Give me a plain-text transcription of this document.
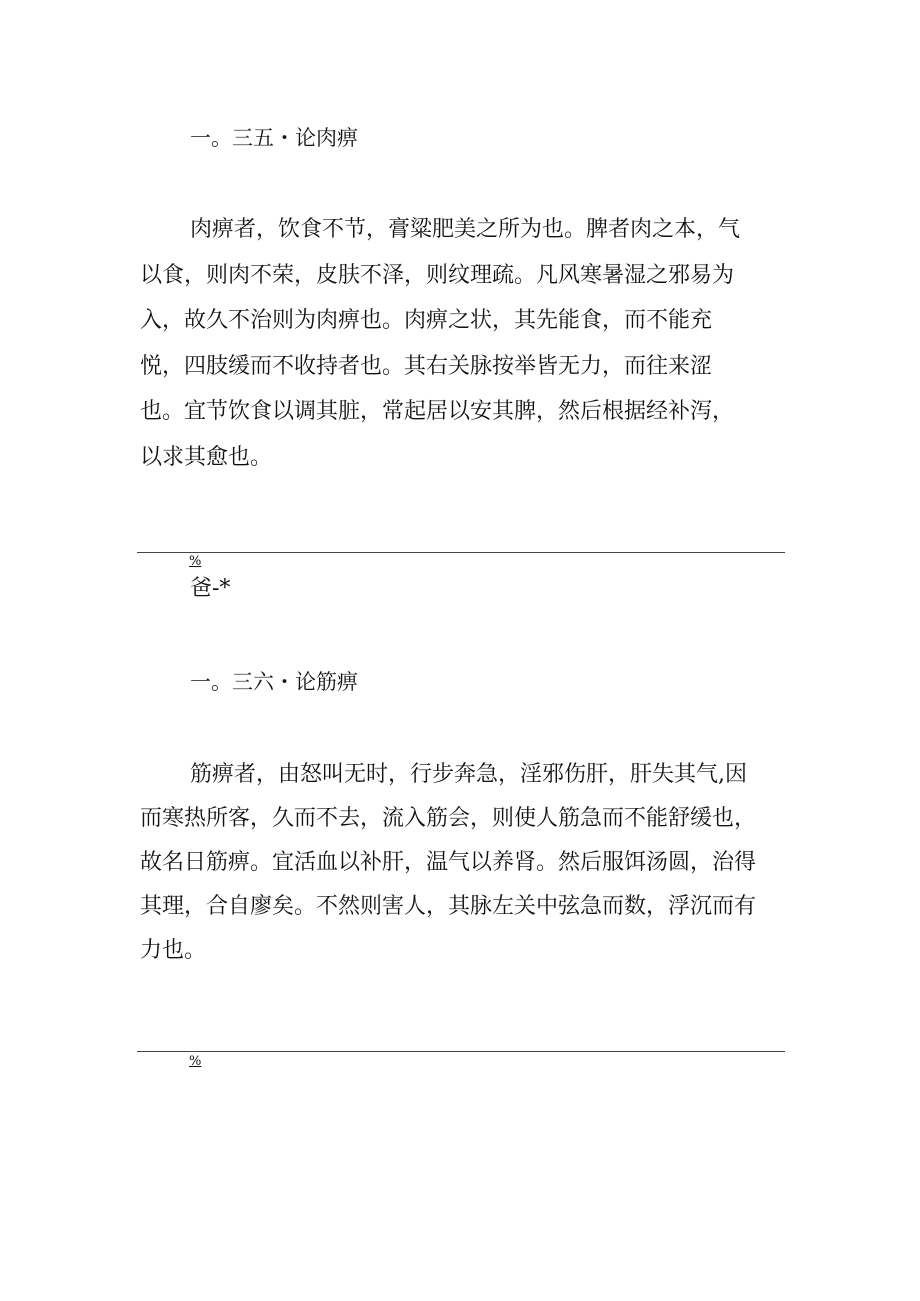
一。三五・论肉痹
肉痹者，饮食不节，膏粱肥美之所为也。脾者肉之本，气
以食，则肉不荣，皮肤不泽，则纹理疏。凡风寒暑湿之邪易为
入，故久不治则为肉痹也。肉痹之状，其先能食，而不能充
悦，四肢缓而不收持者也。其右关脉按举皆无力，而往来涩
也。宜节饮食以调其脏，常起居以安其脾，然后根据经补泻，
以求其愈也。
%
爸-*
一。三六・论筋痹
筋痹者，由怒叫无时，行步奔急，淫邪伤肝，肝失其气,因
而寒热所客，久而不去，流入筋会，则使人筋急而不能舒缓也，
故名日筋痹。宜活血以补肝，温气以养肾。然后服饵汤圆，治得
其理，合自廖矣。不然则害人，其脉左关中弦急而数，浮沉而有
力也。
%
